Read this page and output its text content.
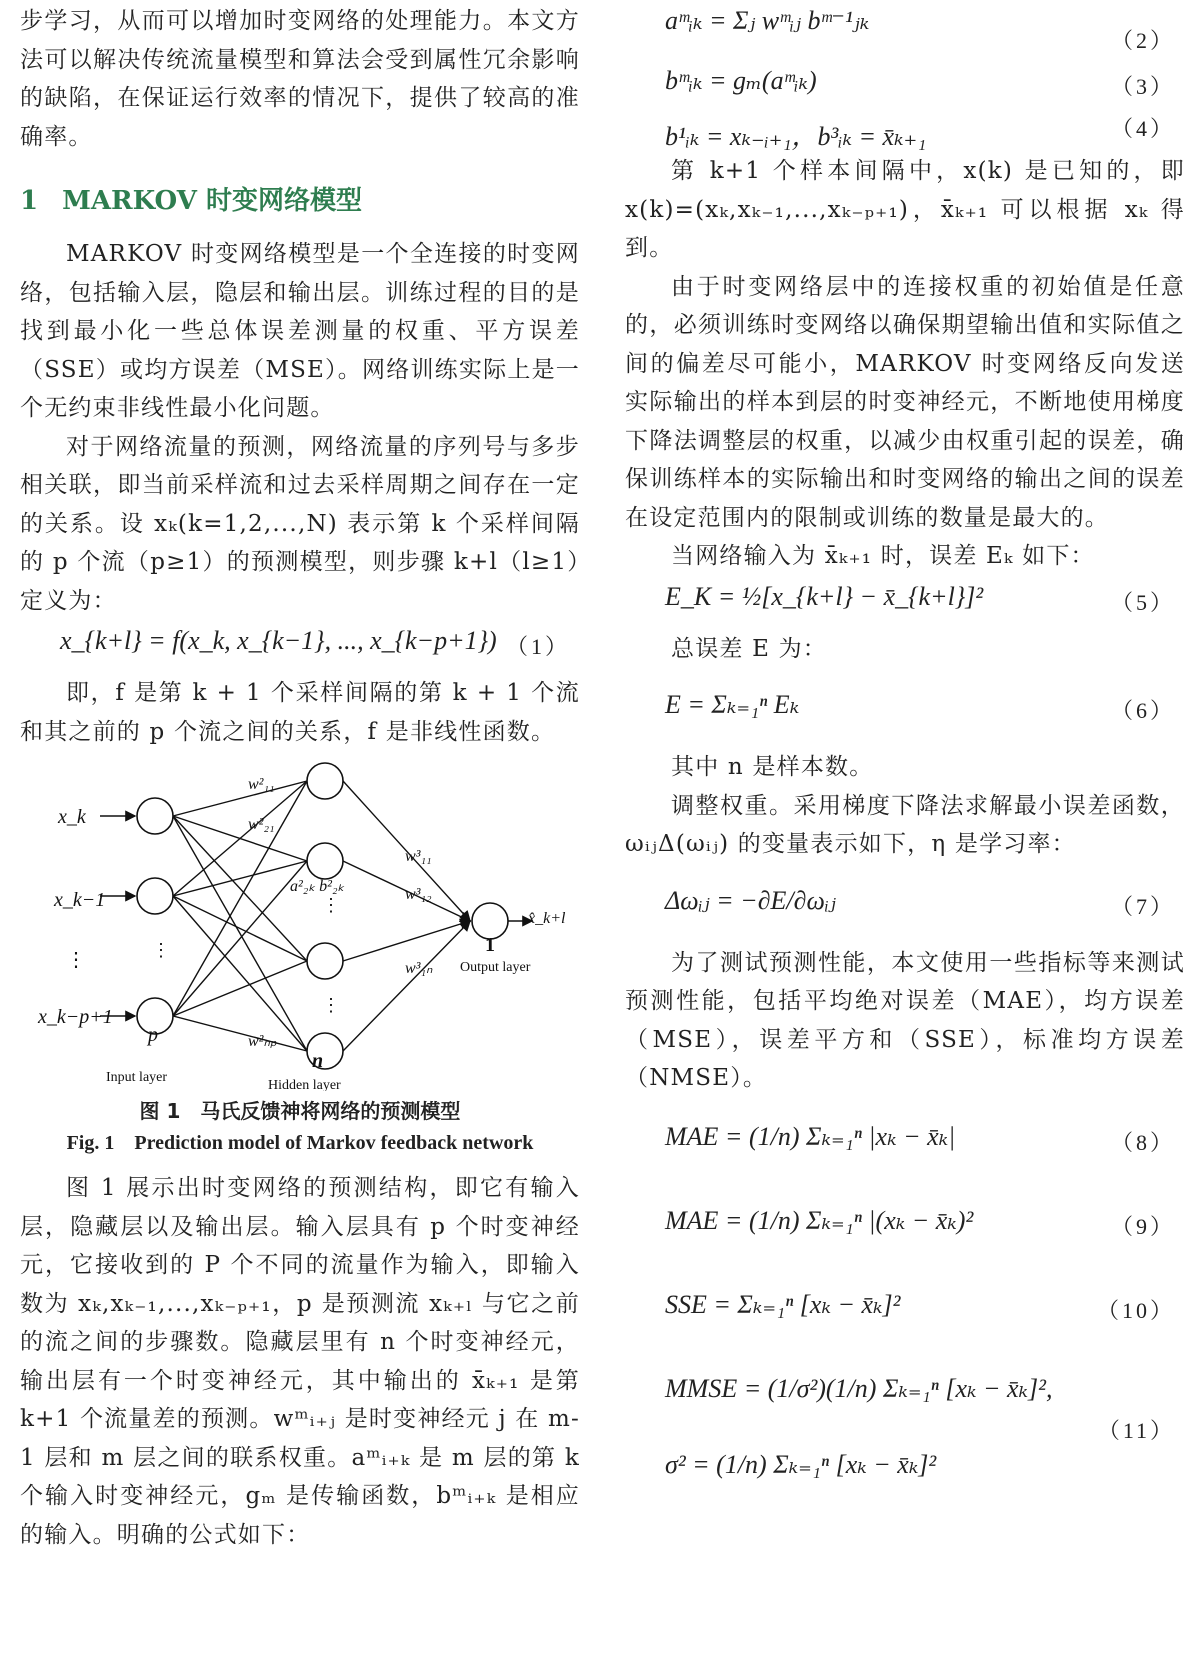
步学习，从而可以增加时变网络的处理能力。本文方法可以解决传统流量模型和算法会受到属性冗余影响的缺陷，在保证运行效率的情况下，提供了较高的准确率。

1 MARKOV 时变网络模型

MARKOV 时变网络模型是一个全连接的时变网络，包括输入层，隐层和输出层。训练过程的目的是找到最小化一些总体误差测量的权重、平方误差（SSE）或均方误差（MSE）。网络训练实际上是一个无约束非线性最小化问题。

对于网络流量的预测，网络流量的序列号与多步相关联，即当前采样流和过去采样周期之间存在一定的关系。设 xₖ(k=1,2,...,N) 表示第 k 个采样间隔的 p 个流（p≥1）的预测模型，则步骤 k+l（l≥1）定义为：

x_{k+l} = f(x_k, x_{k−1}, ..., x_{k−p+1}) （1）

即，f 是第 k + 1 个采样间隔的第 k + 1 个流和其之前的 p 个流之间的关系，f 是非线性函数。

⋮
⋮
⋮
x_k
x_k−1
⋮
x_k−p+1
w²₁₁
w²₂₁
w²ₙₚ
a²₂ₖ b²₂ₖ
w³₁₁
w³₁₂
w³₁ₙ
p
n
1
x̂_k+l
Input layer
Hidden layer
Output layer

图 1　马氏反馈神将网络的预测模型

Fig. 1　Prediction model of Markov feedback network

图 1 展示出时变网络的预测结构，即它有输入层，隐藏层以及输出层。输入层具有 p 个时变神经元，它接收到的 P 个不同的流量作为输入，即输入数为 xₖ,xₖ₋₁,...,xₖ₋ₚ₊₁，p 是预测流 xₖ₊ₗ 与它之前的流之间的步骤数。隐藏层里有 n 个时变神经元，输出层有一个时变神经元，其中输出的 x̄ₖ₊₁ 是第 k+1 个流量差的预测。wᵐᵢ₊ⱼ 是时变神经元 j 在 m-1 层和 m 层之间的联系权重。aᵐᵢ₊ₖ 是 m 层的第 k 个输入时变神经元，gₘ 是传输函数，bᵐᵢ₊ₖ 是相应的输入。明确的公式如下：

aᵐᵢₖ = Σⱼ wᵐᵢⱼ bᵐ⁻¹ⱼₖ
（2）
bᵐᵢₖ = gₘ(aᵐᵢₖ)	（3）
b¹ᵢₖ = xₖ₋ᵢ₊₁，b³ᵢₖ = x̄ₖ₊₁	（4）

第 k+1 个样本间隔中，x(k) 是已知的，即 x(k)=(xₖ,xₖ₋₁,...,xₖ₋ₚ₊₁)，x̄ₖ₊₁ 可以根据 xₖ 得到。

由于时变网络层中的连接权重的初始值是任意的，必须训练时变网络以确保期望输出值和实际值之间的偏差尽可能小，MARKOV 时变网络反向发送实际输出的样本到层的时变神经元，不断地使用梯度下降法调整层的权重，以减少由权重引起的误差，确保训练样本的实际输出和时变网络的输出之间的误差在设定范围内的限制或训练的数量是最大的。

当网络输入为 x̄ₖ₊₁ 时，误差 Eₖ 如下：

E_K = ½[x_{k+l} − x̄_{k+l}]²	（5）

总误差 E 为：

E = Σₖ₌₁ⁿ Eₖ	（6）

其中 n 是样本数。

调整权重。采用梯度下降法求解最小误差函数，ωᵢⱼΔ(ωᵢⱼ) 的变量表示如下，η 是学习率：

Δωᵢⱼ = −∂E/∂ωᵢⱼ	（7）

为了测试预测性能，本文使用一些指标等来测试预测性能，包括平均绝对误差（MAE），均方误差（MSE），误差平方和（SSE），标准均方误差（NMSE）。

MAE = (1/n) Σₖ₌₁ⁿ |xₖ − x̄ₖ|	（8）
MAE = (1/n) Σₖ₌₁ⁿ |(xₖ − x̄ₖ)²	（9）
SSE = Σₖ₌₁ⁿ [xₖ − x̄ₖ]²	（10）
MMSE = (1/σ²)(1/n) Σₖ₌₁ⁿ [xₖ − x̄ₖ]²,
σ² = (1/n) Σₖ₌₁ⁿ [xₖ − x̄ₖ]²
（11）
